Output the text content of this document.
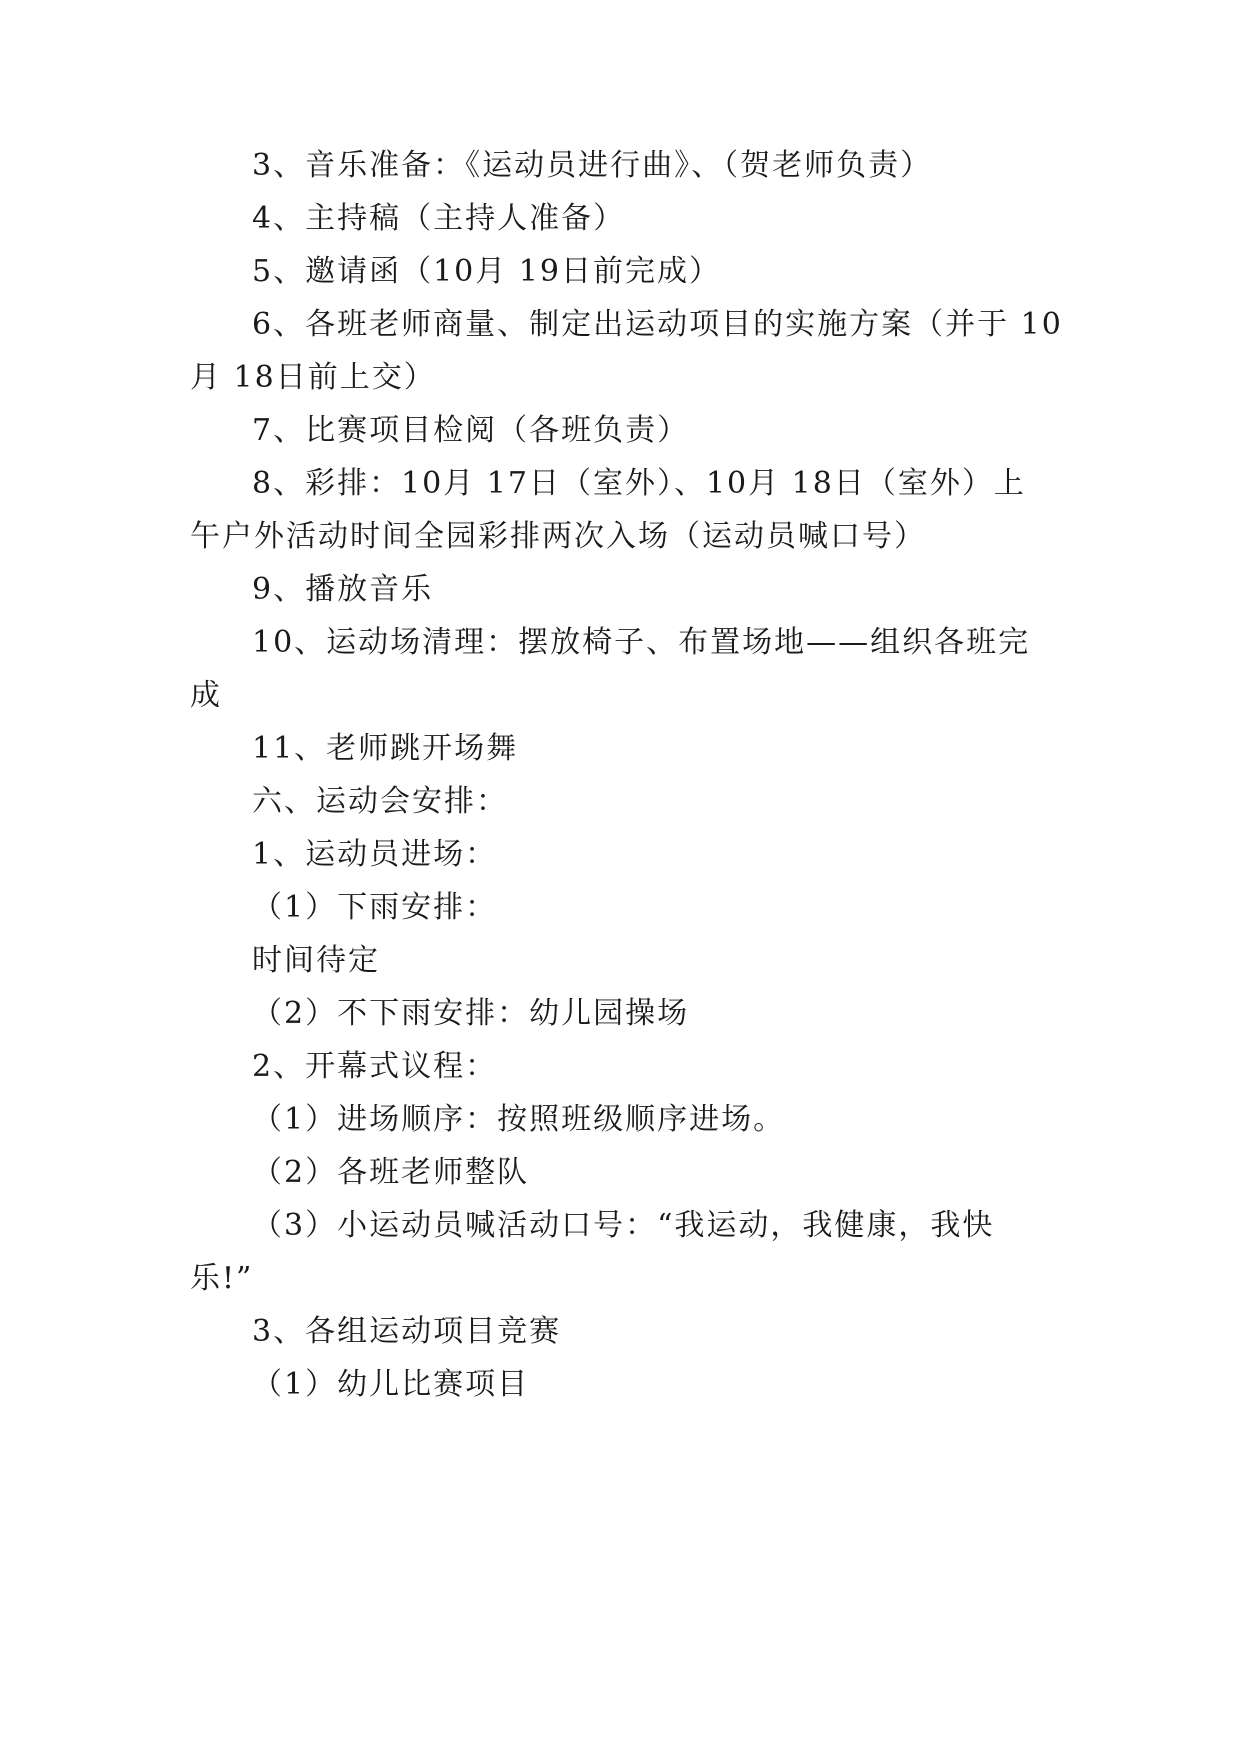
3、音乐准备：《运动员进行曲》、（贺老师负责）
4、主持稿（主持人准备）
5、邀请函（10月 19日前完成）
6、各班老师商量、制定出运动项目的实施方案（并于 10
月 18日前上交）
7、比赛项目检阅（各班负责）
8、彩排：10月 17日（室外）、10月 18日（室外）上
午户外活动时间全园彩排两次入场（运动员喊口号）
9、播放音乐
10、运动场清理：摆放椅子、布置场地——组织各班完
成
11、老师跳开场舞
六、运动会安排：
1、运动员进场：
（1）下雨安排：
时间待定
（2）不下雨安排：幼儿园操场
2、开幕式议程：
（1）进场顺序：按照班级顺序进场。
（2）各班老师整队
（3）小运动员喊活动口号：“我运动，我健康，我快
乐!”
3、各组运动项目竞赛
（1）幼儿比赛项目
